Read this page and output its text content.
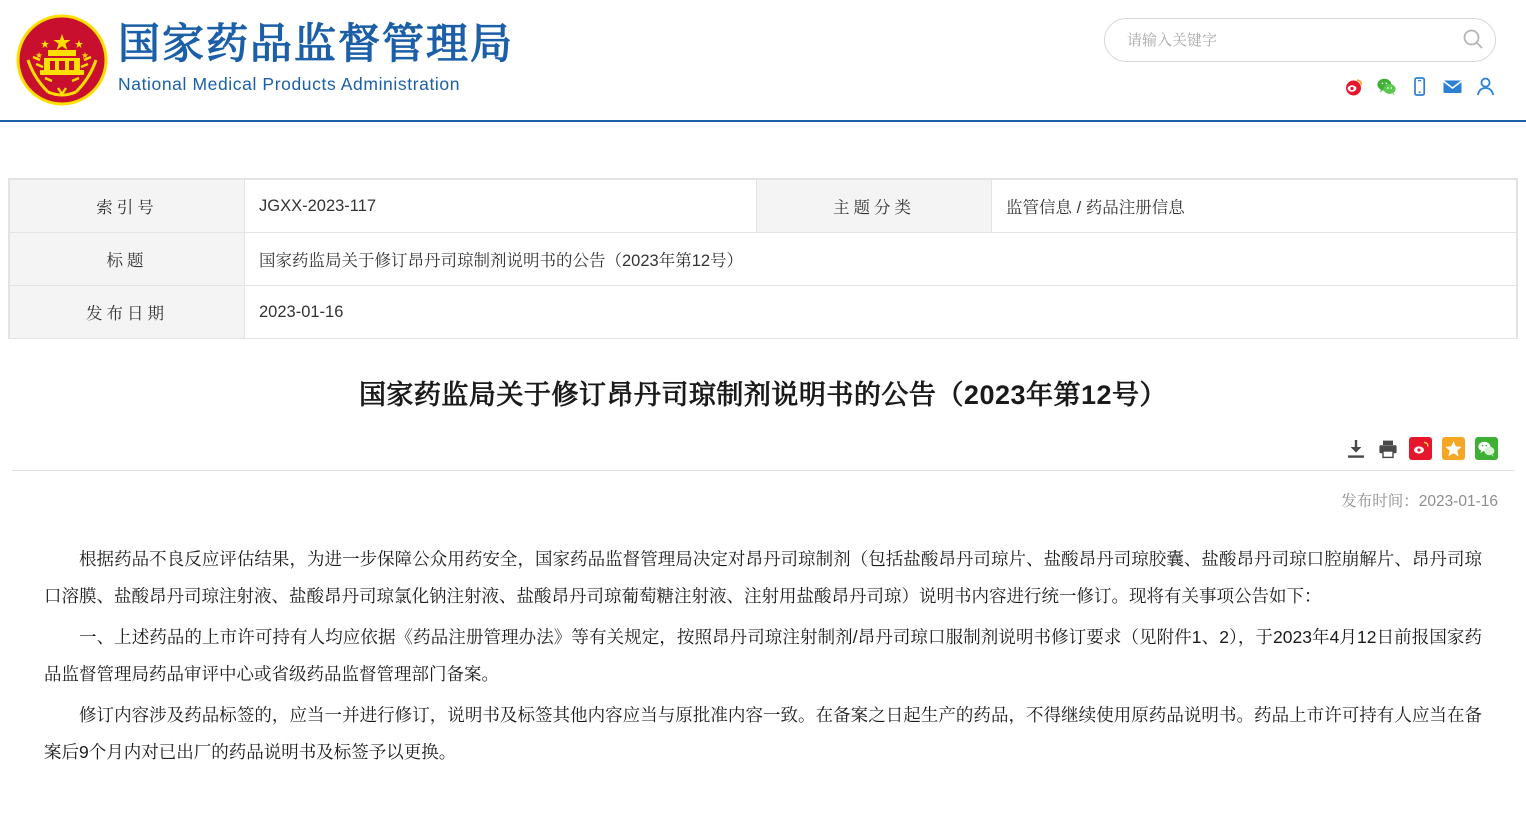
国家药品监督管理局
National Medical Products Administration
请输入关键字
索引号	JGXX-2023-117	主题分类	监管信息 / 药品注册信息
标题	国家药监局关于修订昂丹司琼制剂说明书的公告（2023年第12号）		
发布日期	2023-01-16		
国家药监局关于修订昂丹司琼制剂说明书的公告（2023年第12号）
发布时间：2023-01-16

根据药品不良反应评估结果，为进一步保障公众用药安全，国家药品监督管理局决定对昂丹司琼制剂（包括盐酸昂丹司琼片、盐酸昂丹司琼胶囊、盐酸昂丹司琼口腔崩解片、昂丹司琼口溶膜、盐酸昂丹司琼注射液、盐酸昂丹司琼氯化钠注射液、盐酸昂丹司琼葡萄糖注射液、注射用盐酸昂丹司琼）说明书内容进行统一修订。现将有关事项公告如下：

一、上述药品的上市许可持有人均应依据《药品注册管理办法》等有关规定，按照昂丹司琼注射制剂/昂丹司琼口服制剂说明书修订要求（见附件1、2），于2023年4月12日前报国家药品监督管理局药品审评中心或省级药品监督管理部门备案。

修订内容涉及药品标签的，应当一并进行修订，说明书及标签其他内容应当与原批准内容一致。在备案之日起生产的药品，不得继续使用原药品说明书。药品上市许可持有人应当在备案后9个月内对已出厂的药品说明书及标签予以更换。
